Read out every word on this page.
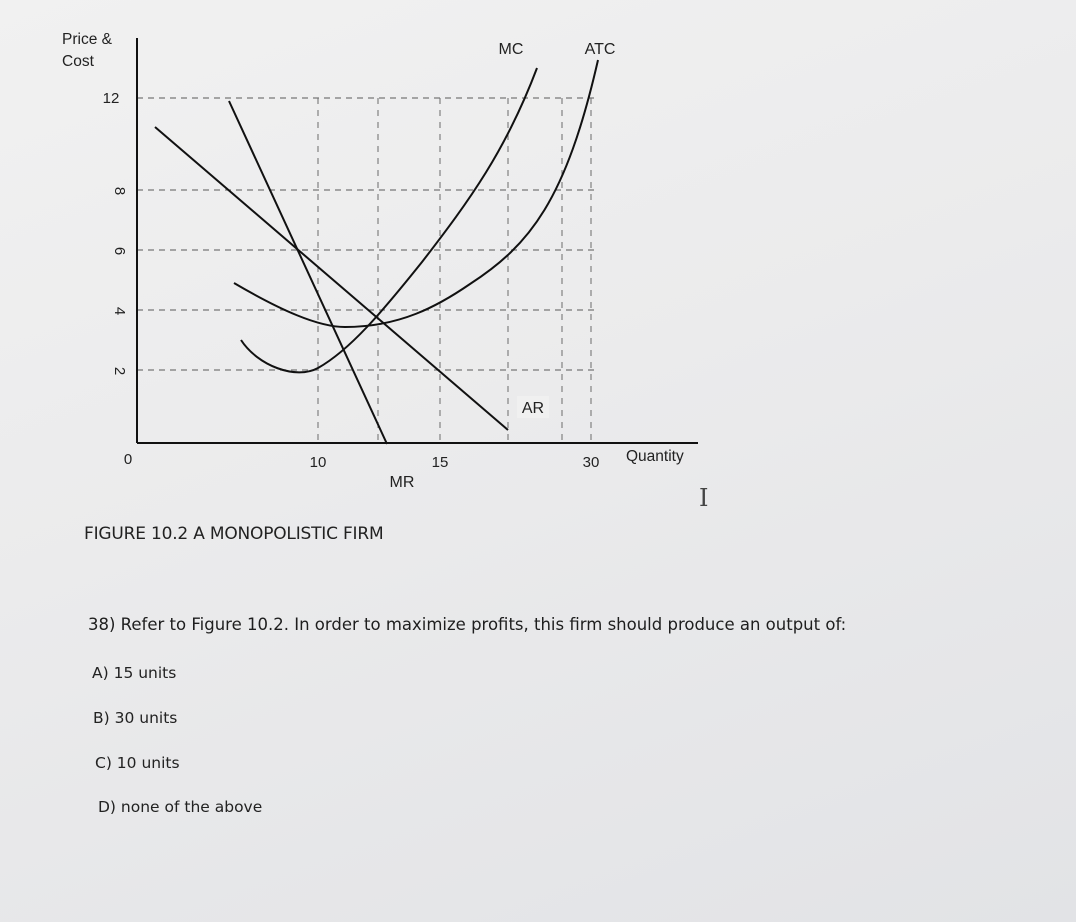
Price &
Cost
Quantity
0
2
4
6
8
12
10	15	30
MC	ATC
AR
MR
FIGURE 10.2 A MONOPOLISTIC FIRM
38) Refer to Figure 10.2. In order to maximize profits, this firm should produce an output of:
A) 15 units
B) 30 units
C) 10 units
D) none of the above
I
